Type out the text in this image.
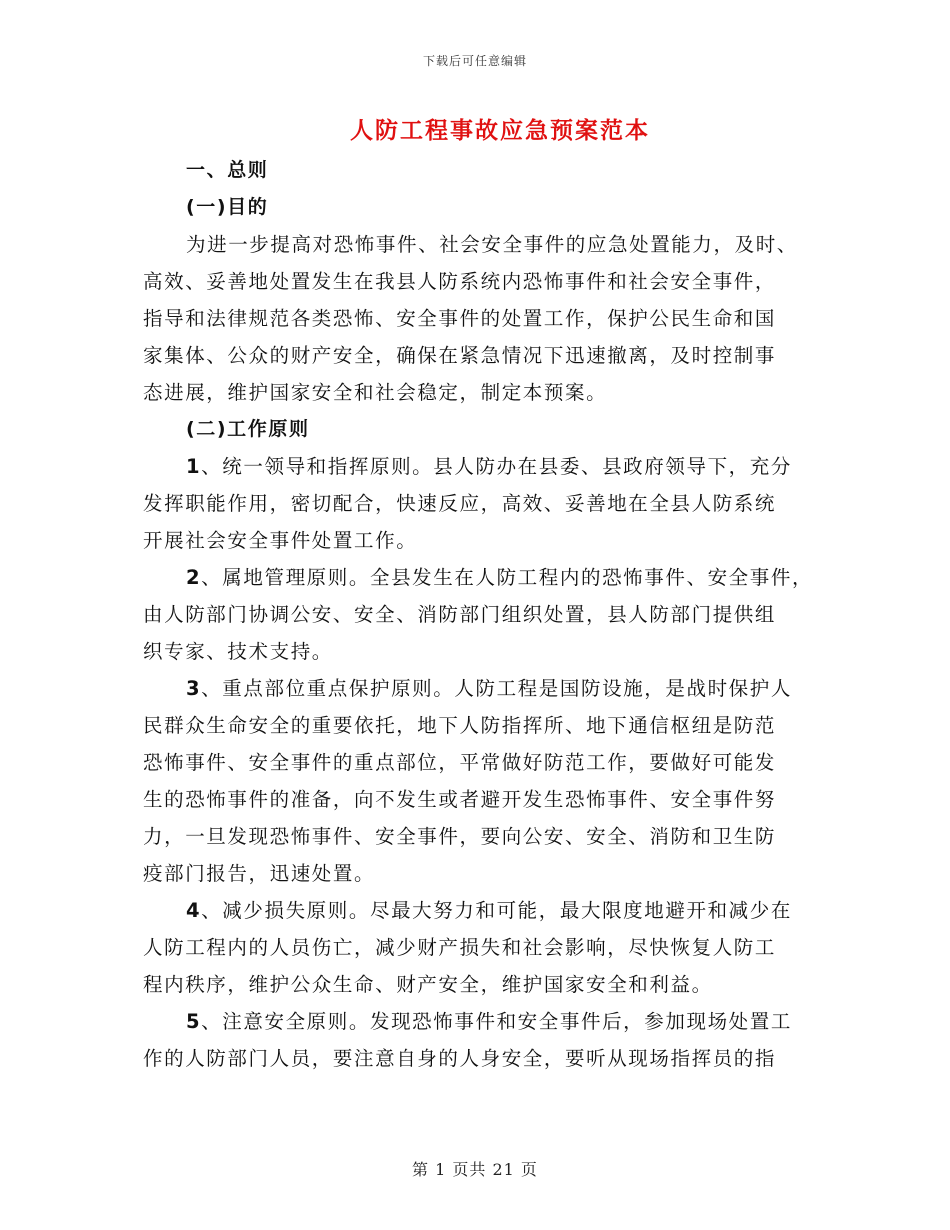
下载后可任意编辑
人防工程事故应急预案范本
一、总则
(一)目的
为进一步提高对恐怖事件、社会安全事件的应急处置能力，及时、
高效、妥善地处置发生在我县人防系统内恐怖事件和社会安全事件，
指导和法律规范各类恐怖、安全事件的处置工作，保护公民生命和国
家集体、公众的财产安全，确保在紧急情况下迅速撤离，及时控制事
态进展，维护国家安全和社会稳定，制定本预案。
(二)工作原则
1、统一领导和指挥原则。县人防办在县委、县政府领导下，充分
发挥职能作用，密切配合，快速反应，高效、妥善地在全县人防系统
开展社会安全事件处置工作。
2、属地管理原则。全县发生在人防工程内的恐怖事件、安全事件，
由人防部门协调公安、安全、消防部门组织处置，县人防部门提供组
织专家、技术支持。
3、重点部位重点保护原则。人防工程是国防设施，是战时保护人
民群众生命安全的重要依托，地下人防指挥所、地下通信枢纽是防范
恐怖事件、安全事件的重点部位，平常做好防范工作，要做好可能发
生的恐怖事件的准备，向不发生或者避开发生恐怖事件、安全事件努
力，一旦发现恐怖事件、安全事件，要向公安、安全、消防和卫生防
疫部门报告，迅速处置。
4、减少损失原则。尽最大努力和可能，最大限度地避开和减少在
人防工程内的人员伤亡，减少财产损失和社会影响，尽快恢复人防工
程内秩序，维护公众生命、财产安全，维护国家安全和利益。
5、注意安全原则。发现恐怖事件和安全事件后，参加现场处置工
作的人防部门人员，要注意自身的人身安全，要听从现场指挥员的指
第 1 页共 21 页
